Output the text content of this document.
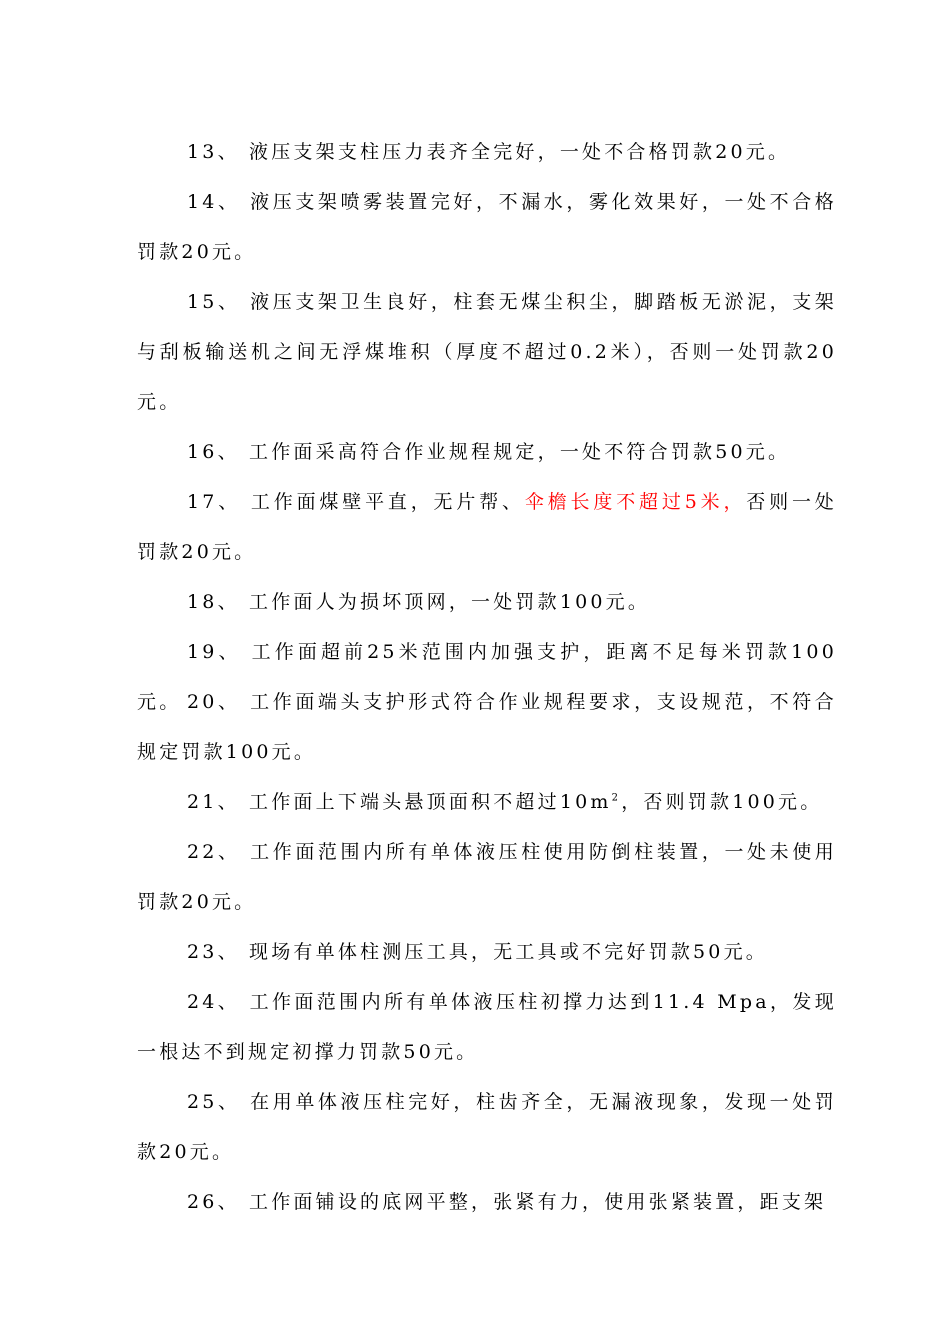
13、 液压支架支柱压力表齐全完好，一处不合格罚款20元。

14、 液压支架喷雾装置完好，不漏水，雾化效果好，一处不合格罚款20元。

15、 液压支架卫生良好，柱套无煤尘积尘，脚踏板无淤泥，支架与刮板输送机之间无浮煤堆积（厚度不超过0.2米），否则一处罚款20元。

16、 工作面采高符合作业规程规定，一处不符合罚款50元。

17、 工作面煤壁平直，无片帮、伞檐长度不超过5米，否则一处罚款20元。

18、 工作面人为损坏顶网，一处罚款100元。

19、 工作面超前25米范围内加强支护，距离不足每米罚款100元。 20、 工作面端头支护形式符合作业规程要求，支设规范，不符合规定罚款100元。

21、 工作面上下端头悬顶面积不超过$10m^2$，否则罚款100元。

22、 工作面范围内所有单体液压柱使用防倒柱装置，一处未使用罚款20元。

23、 现场有单体柱测压工具，无工具或不完好罚款50元。

24、 工作面范围内所有单体液压柱初撑力达到11.4 Mpa，发现一根达不到规定初撑力罚款50元。

25、 在用单体液压柱完好，柱齿齐全，无漏液现象，发现一处罚款20元。

26、 工作面铺设的底网平整，张紧有力，使用张紧装置，距支架
